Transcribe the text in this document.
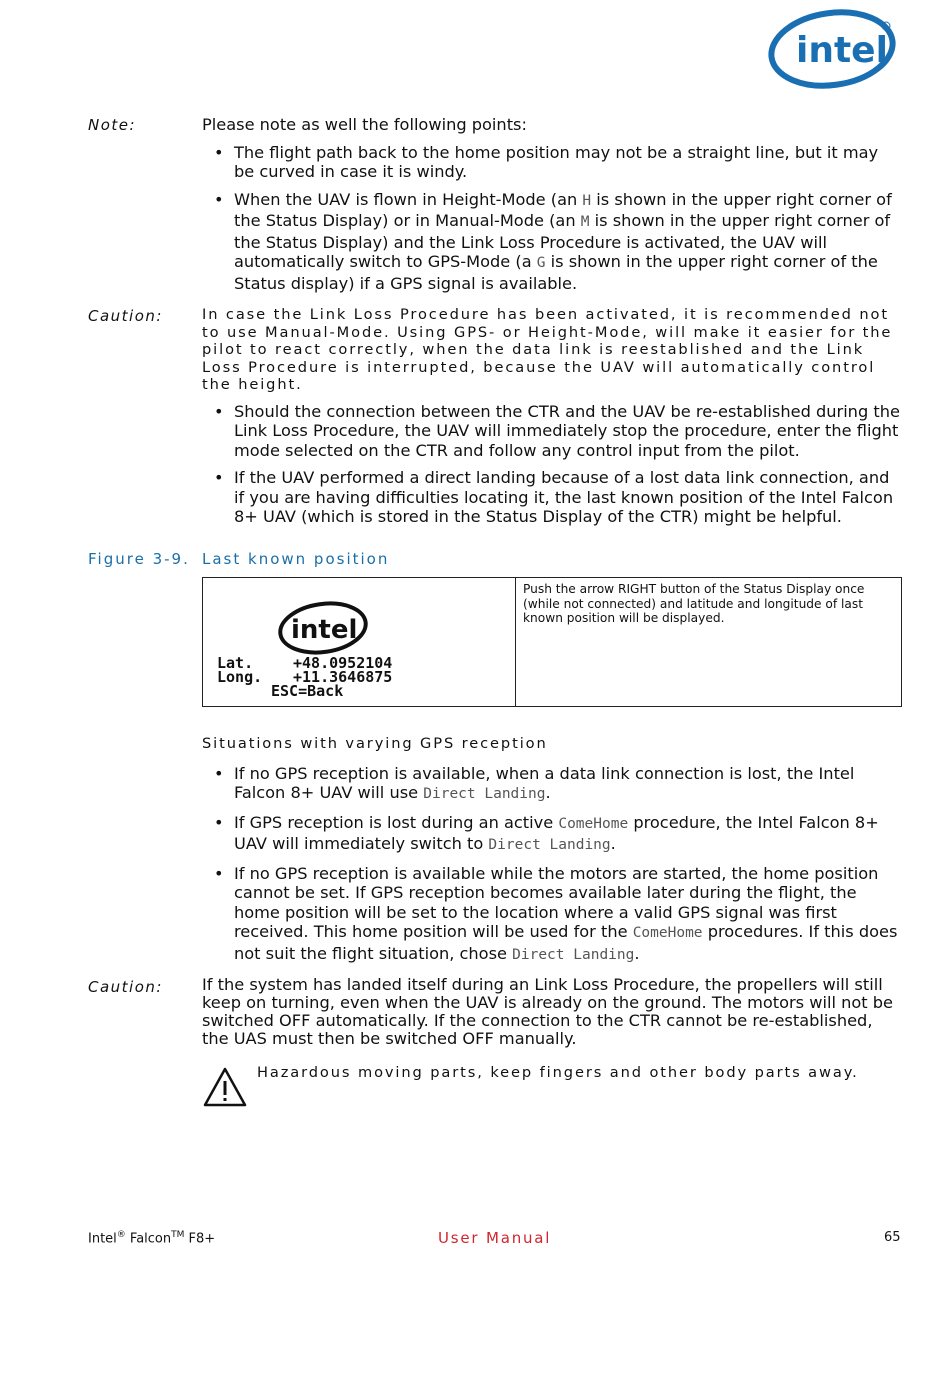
intel
Note:	Please note as well the following points:
• The flight path back to the home position may not be a straight line, but it may be curved in case it is windy.
• When the UAV is flown in Height-Mode (an H is shown in the upper right corner of the Status Display) or in Manual-Mode (an M is shown in the upper right corner of the Status Display) and the Link Loss Procedure is activated, the UAV will automatically switch to GPS-Mode (a G is shown in the upper right corner of the Status display) if a GPS signal is available.
Caution:	In case the Link Loss Procedure has been activated, it is recommended not to use Manual-Mode. Using GPS- or Height-Mode, will make it easier for the pilot to react correctly, when the data link is reestablished and the Link Loss Procedure is interrupted, because the UAV will automatically control the height.
• Should the connection between the CTR and the UAV be re-established during the Link Loss Procedure, the UAV will immediately stop the procedure, enter the flight mode selected on the CTR and follow any control input from the pilot.
• If the UAV performed a direct landing because of a lost data link connection, and if you are having difficulties locating it, the last known position of the Intel Falcon 8+ UAV (which is stored in the Status Display of the CTR) might be helpful.
Figure 3-9. Last known position
intel
Lat.	+48.0952104
Long. +11.3646875
ESC=Back
Push the arrow RIGHT button of the Status Display once (while not connected) and latitude and longitude of last known position will be displayed.
Situations with varying GPS reception
• If no GPS reception is available, when a data link connection is lost, the Intel Falcon 8+ UAV will use Direct Landing.
• If GPS reception is lost during an active ComeHome procedure, the Intel Falcon 8+ UAV will immediately switch to Direct Landing.
• If no GPS reception is available while the motors are started, the home position cannot be set. If GPS reception becomes available later during the flight, the home position will be set to the location where a valid GPS signal was first received. This home position will be used for the ComeHome procedures. If this does not suit the flight situation, chose Direct Landing.
Caution: If the system has landed itself during an Link Loss Procedure, the propellers will still keep on turning, even when the UAV is already on the ground. The motors will not be switched OFF automatically. If the connection to the CTR cannot be re-established, the UAS must then be switched OFF manually.
Hazardous moving parts, keep fingers and other body parts away.
Intel® Falcon™ F8+	User Manual	65
